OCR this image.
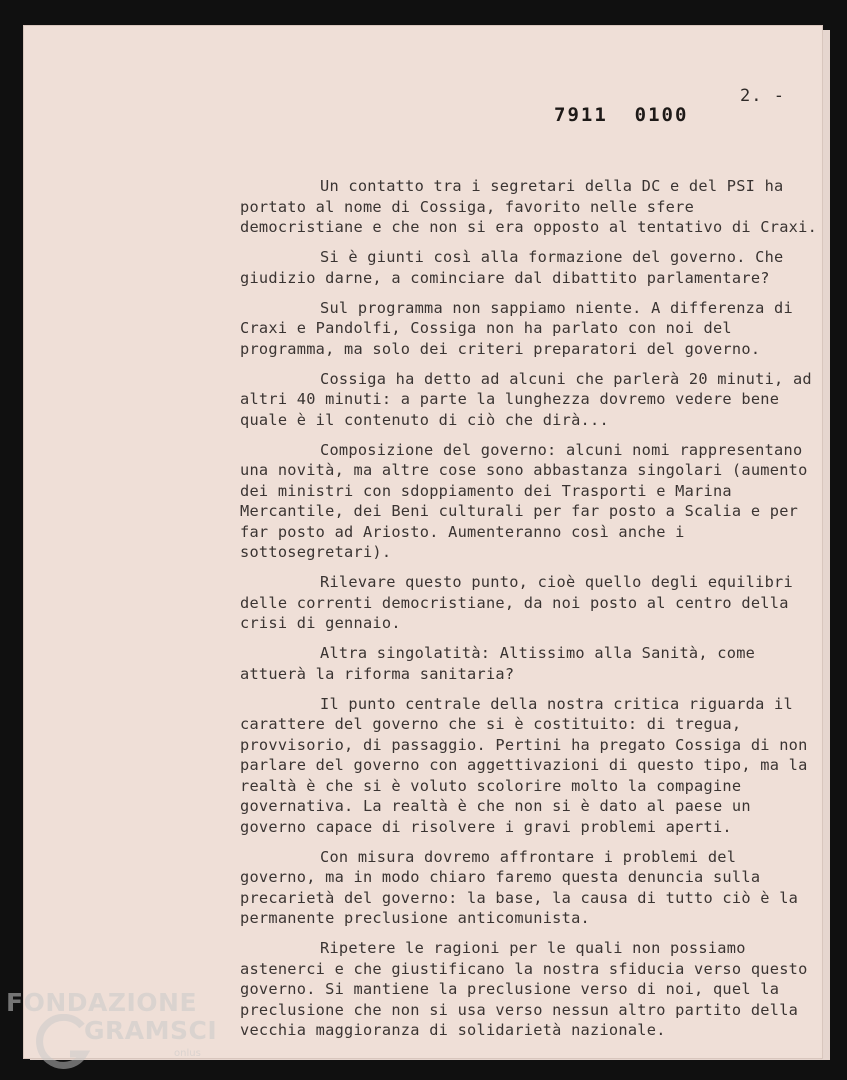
2. -
7911  0100

Un contatto tra i segretari della DC e del PSI ha portato al nome di Cossiga, favorito nelle sfere democristiane e che non si era opposto al tentativo di Craxi.

Si è giunti così alla formazione del governo. Che giudizio darne, a cominciare dal dibattito parlamentare?

Sul programma non sappiamo niente. A differenza di Craxi e Pandolfi, Cossiga non ha parlato con noi del programma, ma solo dei criteri preparatori del governo.

Cossiga ha detto ad alcuni che parlerà 20 minuti, ad altri 40 minuti: a parte la lunghezza dovremo vedere bene quale è il contenuto di ciò che dirà...

Composizione del governo: alcuni nomi rappresentano una novità, ma altre cose sono abbastanza singolari (aumento dei ministri con sdoppiamento dei Trasporti e Marina Mercantile, dei Beni culturali per far posto a Scalia e per far posto ad Ariosto. Aumenteranno così anche i sottosegretari).

Rilevare questo punto, cioè quello degli equilibri delle correnti democristiane, da noi posto al centro della crisi di gennaio.

Altra singolatità: Altissimo alla Sanità, come attuerà la riforma sanitaria?

Il punto centrale della nostra critica riguarda il carattere del governo che si è costituito: di tregua, provvisorio, di passaggio. Pertini ha pregato Cossiga di non parlare del governo con aggettivazioni di questo tipo, ma la realtà è che si è voluto scolorire molto la compagine governativa. La realtà è che non si è dato al paese un governo capace di risolvere i gravi problemi aperti.

Con misura dovremo affrontare i problemi del governo, ma in modo chiaro faremo questa denuncia sulla precarietà del governo: la base, la causa di tutto ciò è la permanente preclusione anticomunista.

Ripetere le ragioni per le quali non possiamo astenerci e che giustificano la nostra sfiducia verso questo governo. Si mantiene la preclusione verso di noi, quel la preclusione che non si usa verso nessun altro partito della vecchia maggioranza di solidarietà nazionale.

FONDAZIONE
GRAMSCI
onlus
